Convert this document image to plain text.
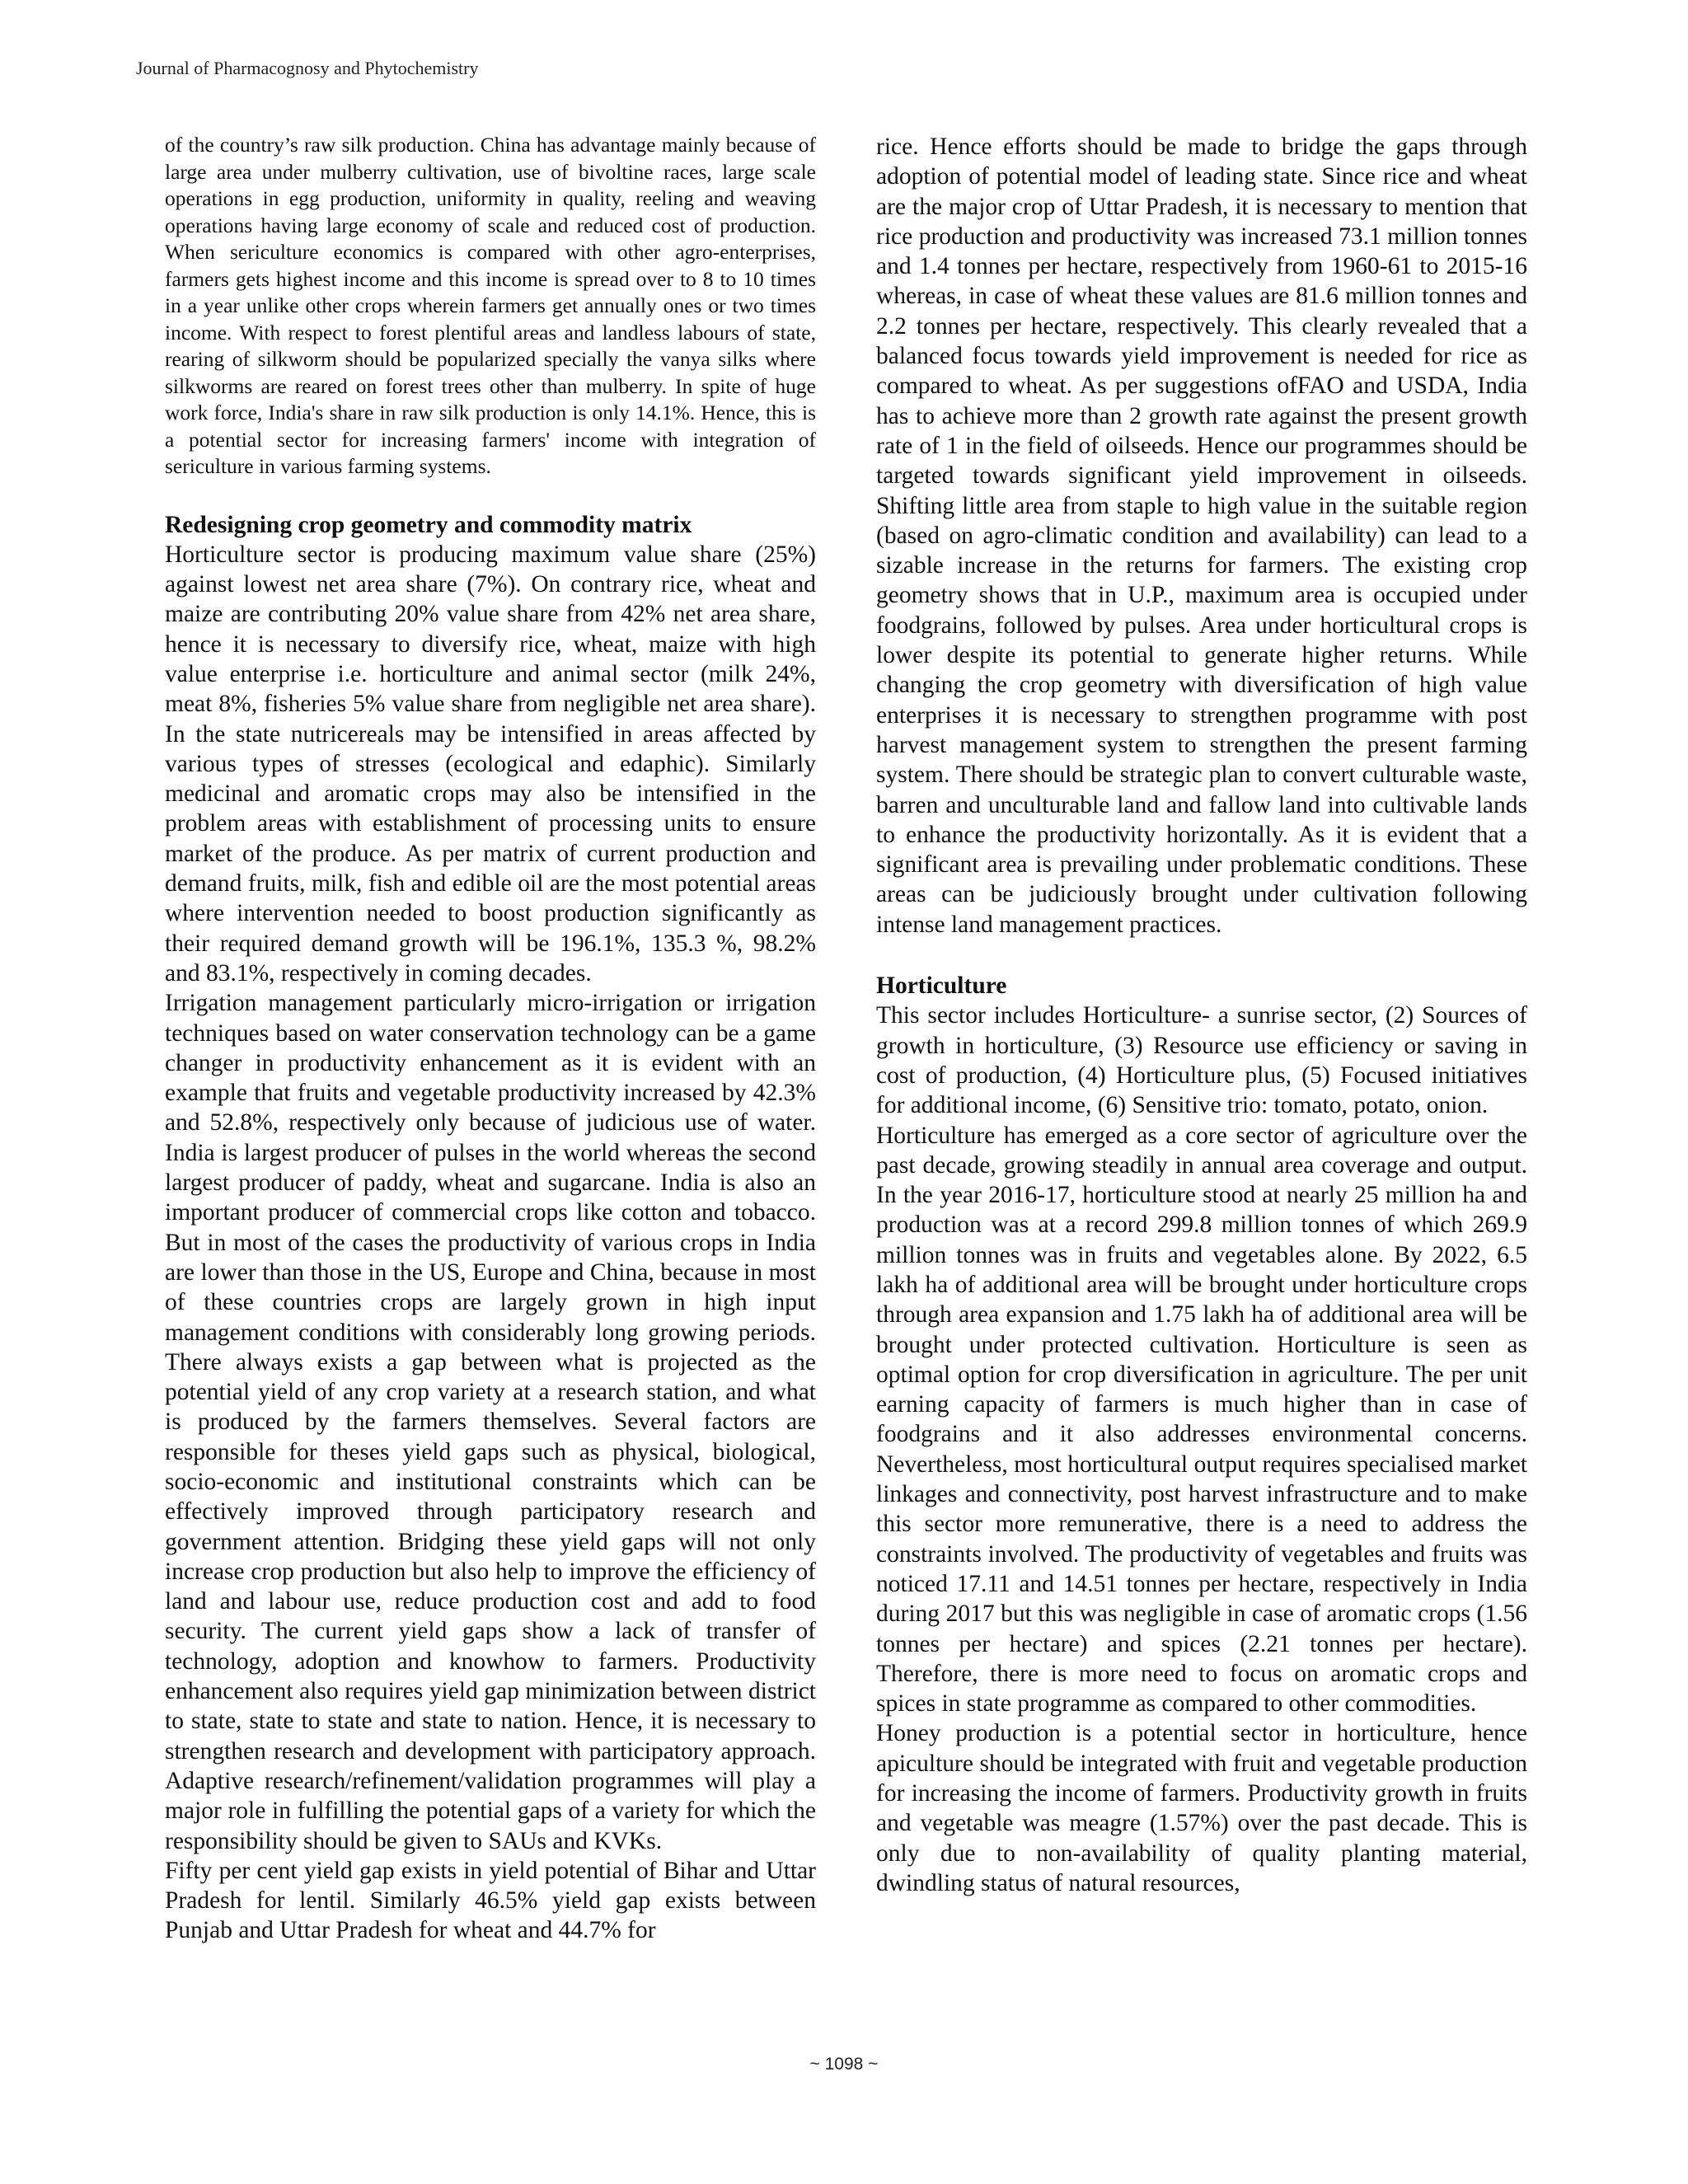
Journal of Pharmacognosy and Phytochemistry

of the country’s raw silk production. China has advantage mainly because of large area under mulberry cultivation, use of bivoltine races, large scale operations in egg production, uniformity in quality, reeling and weaving operations having large economy of scale and reduced cost of production. When sericulture economics is compared with other agro-enterprises, farmers gets highest income and this income is spread over to 8 to 10 times in a year unlike other crops wherein farmers get annually ones or two times income. With respect to forest plentiful areas and landless labours of state, rearing of silkworm should be popularized specially the vanya silks where silkworms are reared on forest trees other than mulberry. In spite of huge work force, India's share in raw silk production is only 14.1%. Hence, this is a potential sector for increasing farmers' income with integration of sericulture in various farming systems.

Redesigning crop geometry and commodity matrix

Horticulture sector is producing maximum value share (25%) against lowest net area share (7%). On contrary rice, wheat and maize are contributing 20% value share from 42% net area share, hence it is necessary to diversify rice, wheat, maize with high value enterprise i.e. horticulture and animal sector (milk 24%, meat 8%, fisheries 5% value share from negligible net area share). In the state nutricereals may be intensified in areas affected by various types of stresses (ecological and edaphic). Similarly medicinal and aromatic crops may also be intensified in the problem areas with establishment of processing units to ensure market of the produce. As per matrix of current production and demand fruits, milk, fish and edible oil are the most potential areas where intervention needed to boost production significantly as their required demand growth will be 196.1%, 135.3 %, 98.2% and 83.1%, respectively in coming decades.

Irrigation management particularly micro-irrigation or irrigation techniques based on water conservation technology can be a game changer in productivity enhancement as it is evident with an example that fruits and vegetable productivity increased by 42.3% and 52.8%, respectively only because of judicious use of water. India is largest producer of pulses in the world whereas the second largest producer of paddy, wheat and sugarcane. India is also an important producer of commercial crops like cotton and tobacco. But in most of the cases the productivity of various crops in India are lower than those in the US, Europe and China, because in most of these countries crops are largely grown in high input management conditions with considerably long growing periods. There always exists a gap between what is projected as the potential yield of any crop variety at a research station, and what is produced by the farmers themselves. Several factors are responsible for theses yield gaps such as physical, biological, socio-economic and institutional constraints which can be effectively improved through participatory research and government attention. Bridging these yield gaps will not only increase crop production but also help to improve the efficiency of land and labour use, reduce production cost and add to food security. The current yield gaps show a lack of transfer of technology, adoption and knowhow to farmers. Productivity enhancement also requires yield gap minimization between district to state, state to state and state to nation. Hence, it is necessary to strengthen research and development with participatory approach. Adaptive research/refinement/validation programmes will play a major role in fulfilling the potential gaps of a variety for which the responsibility should be given to SAUs and KVKs.

Fifty per cent yield gap exists in yield potential of Bihar and Uttar Pradesh for lentil. Similarly 46.5% yield gap exists between Punjab and Uttar Pradesh for wheat and 44.7% for

rice. Hence efforts should be made to bridge the gaps through adoption of potential model of leading state. Since rice and wheat are the major crop of Uttar Pradesh, it is necessary to mention that rice production and productivity was increased 73.1 million tonnes and 1.4 tonnes per hectare, respectively from 1960-61 to 2015-16 whereas, in case of wheat these values are 81.6 million tonnes and 2.2 tonnes per hectare, respectively. This clearly revealed that a balanced focus towards yield improvement is needed for rice as compared to wheat. As per suggestions ofFAO and USDA, India has to achieve more than 2 growth rate against the present growth rate of 1 in the field of oilseeds. Hence our programmes should be targeted towards significant yield improvement in oilseeds. Shifting little area from staple to high value in the suitable region (based on agro-climatic condition and availability) can lead to a sizable increase in the returns for farmers. The existing crop geometry shows that in U.P., maximum area is occupied under foodgrains, followed by pulses. Area under horticultural crops is lower despite its potential to generate higher returns. While changing the crop geometry with diversification of high value enterprises it is necessary to strengthen programme with post harvest management system to strengthen the present farming system. There should be strategic plan to convert culturable waste, barren and unculturable land and fallow land into cultivable lands to enhance the productivity horizontally. As it is evident that a significant area is prevailing under problematic conditions. These areas can be judiciously brought under cultivation following intense land management practices.

Horticulture

This sector includes Horticulture- a sunrise sector, (2) Sources of           growth in horticulture, (3) Resource use efficiency or saving in cost of production, (4) Horticulture plus, (5) Focused initiatives for additional income, (6) Sensitive trio: tomato, potato, onion.

Horticulture has emerged as a core sector of agriculture over the past decade, growing steadily in annual area coverage and output. In the year 2016-17, horticulture stood at nearly 25 million ha and production was at a record 299.8 million tonnes of which 269.9 million tonnes was in fruits and vegetables alone. By 2022, 6.5 lakh ha of additional area will be brought under horticulture crops through area expansion and 1.75 lakh ha of additional area will be brought under protected cultivation. Horticulture is seen as optimal option for crop diversification in agriculture. The per unit earning capacity of farmers is much higher than in case of foodgrains and it also addresses environmental concerns. Nevertheless, most horticultural output requires specialised market linkages and connectivity, post harvest infrastructure and to make this sector more remunerative, there is a need to address the constraints involved. The productivity of vegetables and fruits was noticed 17.11 and 14.51 tonnes per hectare, respectively in India during 2017 but this was negligible in case of aromatic crops (1.56 tonnes per hectare) and spices (2.21 tonnes per hectare). Therefore, there is more need to focus on aromatic crops and spices in state programme as compared to other commodities.

Honey production is a potential sector in horticulture, hence apiculture should be integrated with fruit and vegetable production for increasing the income of farmers. Productivity growth in fruits and vegetable was meagre (1.57%) over the past decade. This is only due to non-availability of quality planting material, dwindling status of natural resources,

~ 1098 ~
